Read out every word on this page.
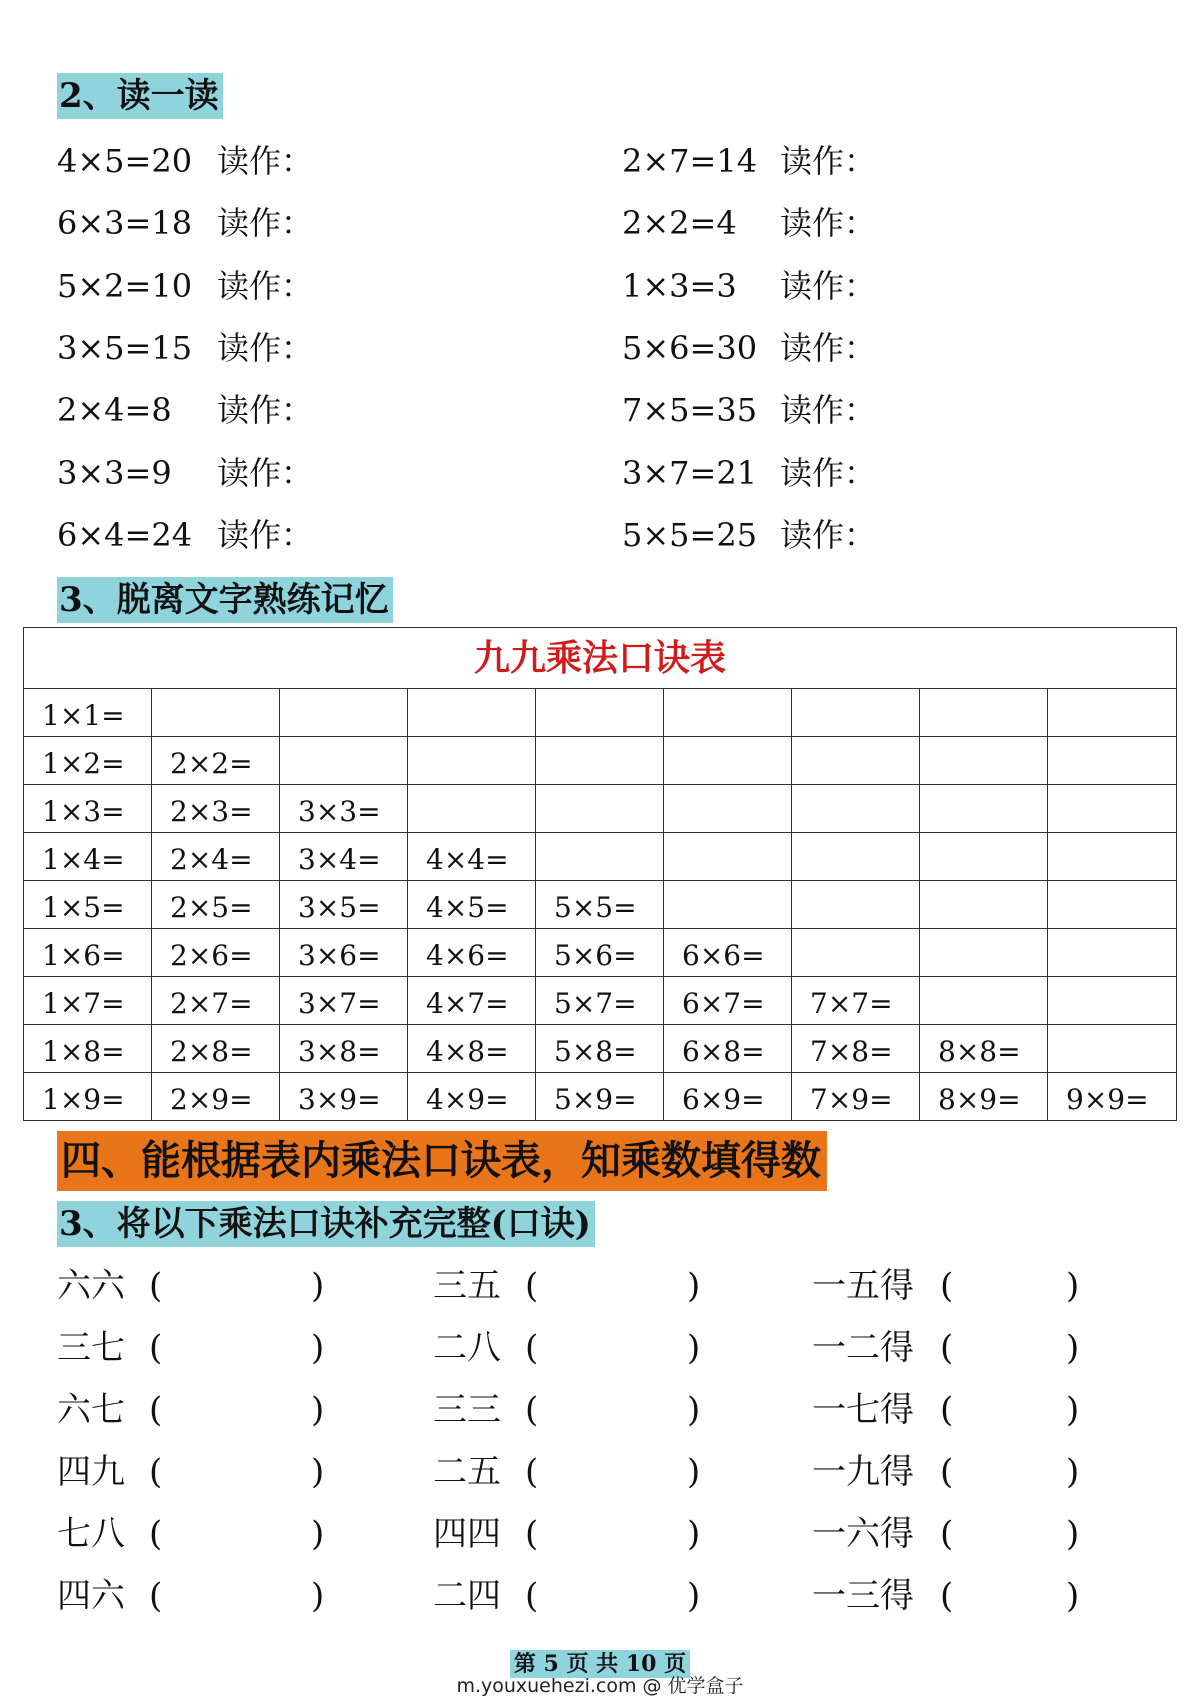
2、读一读
4×5=20 读作：
6×3=18 读作：
5×2=10 读作：
3×5=15 读作：
2×4=8 读作：
3×3=9 读作：
6×4=24 读作：
2×7=14 读作：
2×2=4 读作：
1×3=3 读作：
5×6=30 读作：
7×5=35 读作：
3×7=21 读作：
5×5=25 读作：
3、脱离文字熟练记忆
九九乘法口诀表								
1×1=								
1×2=	2×2=							
1×3=	2×3=	3×3=						
1×4=	2×4=	3×4=	4×4=					
1×5=	2×5=	3×5=	4×5=	5×5=				
1×6=	2×6=	3×6=	4×6=	5×6=	6×6=			
1×7=	2×7=	3×7=	4×7=	5×7=	6×7=	7×7=		
1×8=	2×8=	3×8=	4×8=	5×8=	6×8=	7×8=	8×8=	
1×9=	2×9=	3×9=	4×9=	5×9=	6×9=	7×9=	8×9=	9×9=
四、能根据表内乘法口诀表，知乘数填得数
3、将以下乘法口诀补充完整(口诀)
六六 (	)	三五 (	)	一五得 (	)
三七 (	)	二八 (	)	一二得 (	)
六七 (	)	三三 (	)	一七得 (	)
四九 (	)	二五 (	)	一九得 (	)
七八 (	)	四四 (	)	一六得 (	)
四六 (	)	二四 (	)	一三得 (	)
第 5 页 共 10 页
m.youxuehezi.com @ 优学盒子
